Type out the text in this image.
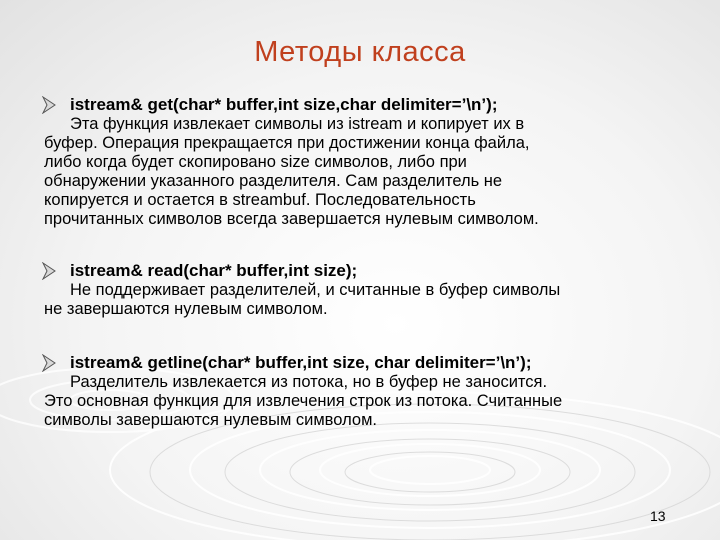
Методы класса
istream& get(char* buffer,int size,char delimiter=’\n’);
Эта функция извлекает символы из istream и копирует их в
буфер. Операция прекращается при достижении конца файла,
либо когда будет скопировано size символов, либо при
обнаружении указанного разделителя. Сам разделитель не
копируется и остается в streambuf. Последовательность
прочитанных символов всегда завершается нулевым символом.
istream& read(char* buffer,int size);
Не поддерживает разделителей, и считанные в буфер символы
не завершаются нулевым символом.
istream& getline(char* buffer,int size, char delimiter=’\n’);
Разделитель извлекается из потока, но в буфер не заносится.
Это основная функция для извлечения строк из потока. Считанные
символы завершаются нулевым символом.
13
